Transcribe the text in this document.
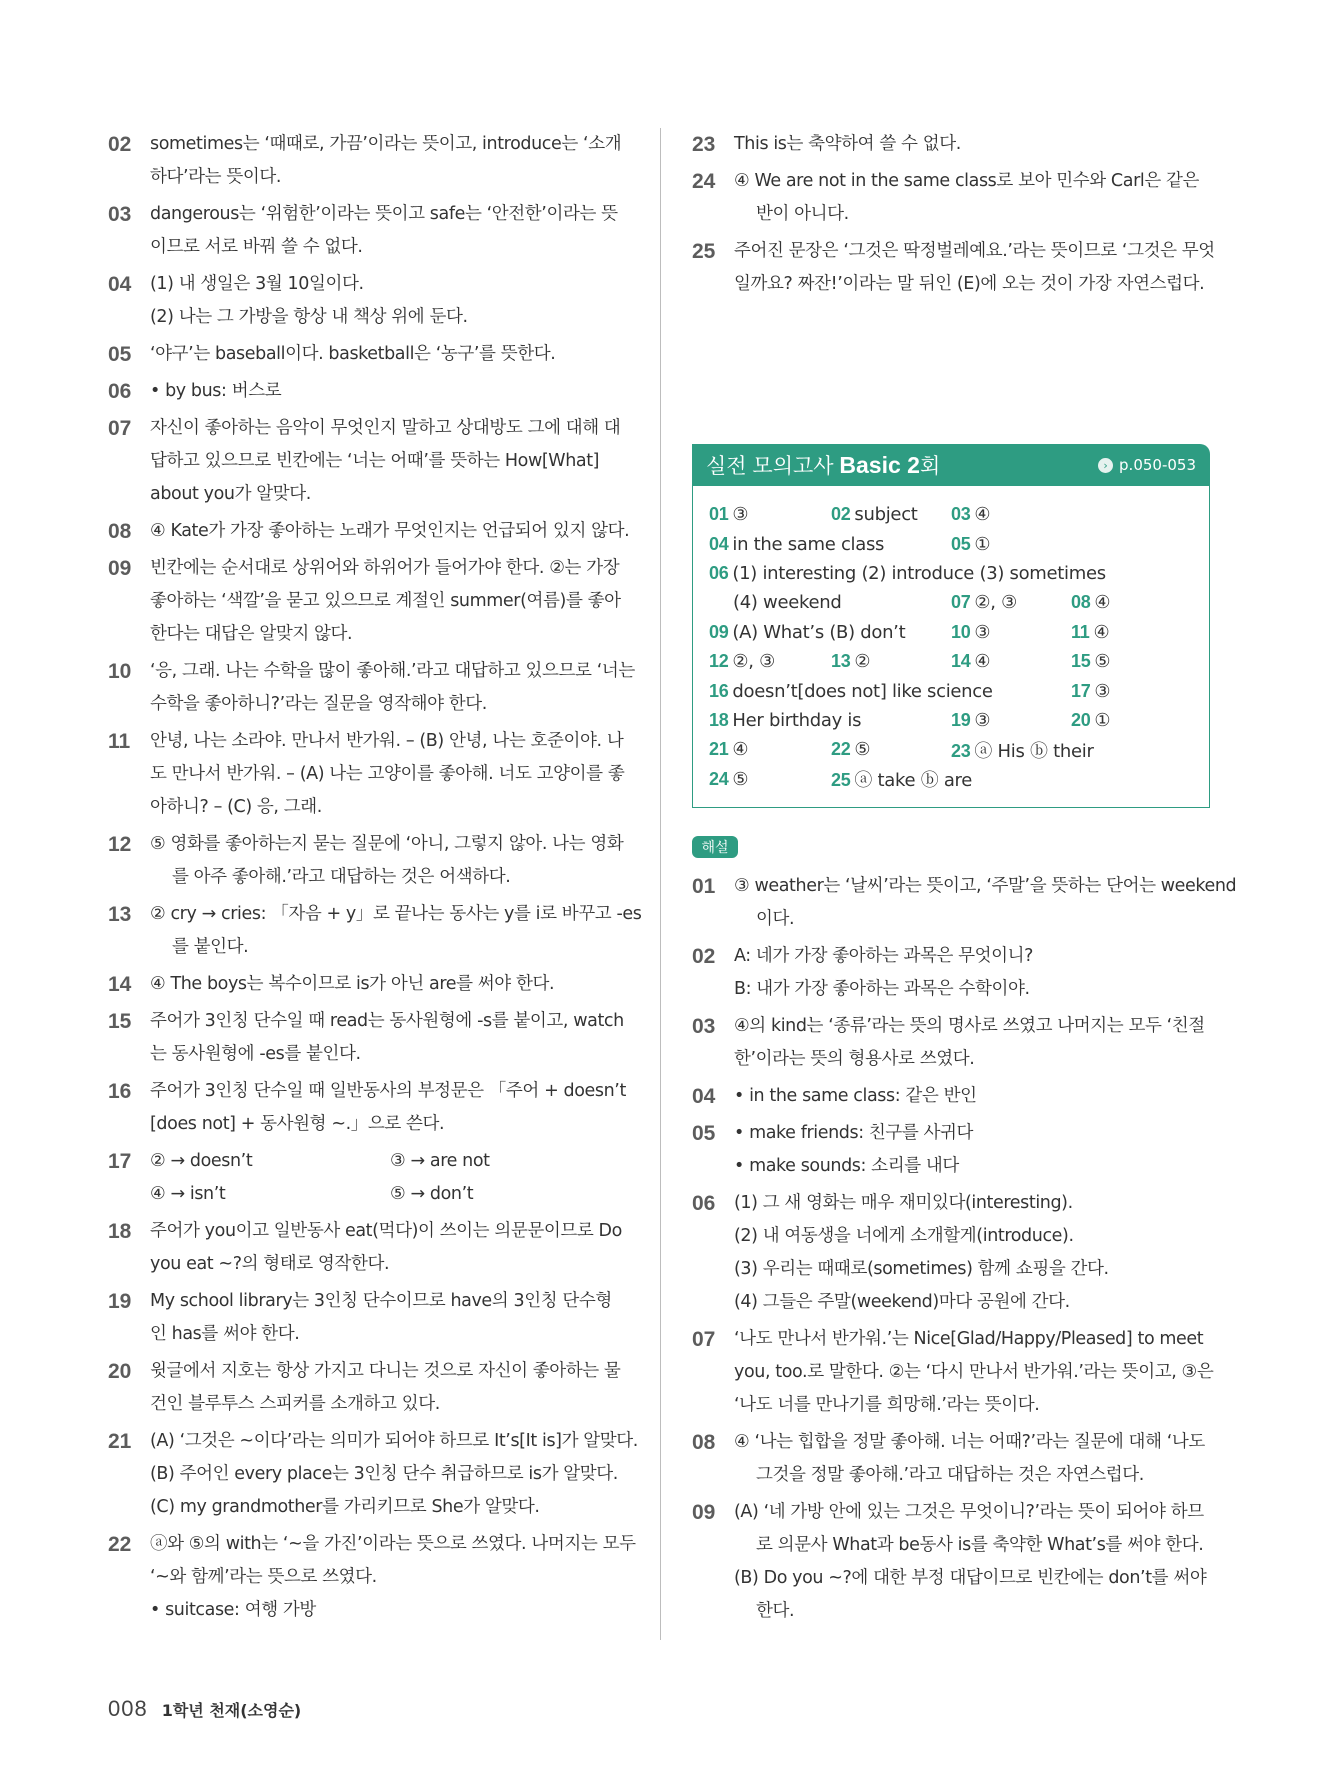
02	sometimes는 ‘때때로, 가끔’이라는 뜻이고, introduce는 ‘소개
하다’라는 뜻이다.
03	dangerous는 ‘위험한’이라는 뜻이고 safe는 ‘안전한’이라는 뜻
이므로 서로 바꿔 쓸 수 없다.
04	(1) 내 생일은 3월 10일이다.
(2) 나는 그 가방을 항상 내 책상 위에 둔다.
05	‘야구’는 baseball이다. basketball은 ‘농구’를 뜻한다.
06	• by bus: 버스로
07	자신이 좋아하는 음악이 무엇인지 말하고 상대방도 그에 대해 대
답하고 있으므로 빈칸에는 ‘너는 어때’를 뜻하는 How[What]
about you가 알맞다.
08	④ Kate가 가장 좋아하는 노래가 무엇인지는 언급되어 있지 않다.
09	빈칸에는 순서대로 상위어와 하위어가 들어가야 한다. ②는 가장
좋아하는 ‘색깔’을 묻고 있으므로 계절인 summer(여름)를 좋아
한다는 대답은 알맞지 않다.
10	‘응, 그래. 나는 수학을 많이 좋아해.’라고 대답하고 있으므로 ‘너는
수학을 좋아하니?’라는 질문을 영작해야 한다.
11	안녕, 나는 소라야. 만나서 반가워. – (B) 안녕, 나는 호준이야. 나
도 만나서 반가워. – (A) 나는 고양이를 좋아해. 너도 고양이를 좋
아하니? – (C) 응, 그래.
12	⑤ 영화를 좋아하는지 묻는 질문에 ‘아니, 그렇지 않아. 나는 영화
를 아주 좋아해.’라고 대답하는 것은 어색하다.
13	② cry → cries: 「자음 + y」로 끝나는 동사는 y를 i로 바꾸고 -es
를 붙인다.
14	④ The boys는 복수이므로 is가 아닌 are를 써야 한다.
15	주어가 3인칭 단수일 때 read는 동사원형에 -s를 붙이고, watch
는 동사원형에 -es를 붙인다.
16	주어가 3인칭 단수일 때 일반동사의 부정문은 「주어 + doesn’t
[does not] + 동사원형 ~.」으로 쓴다.
17	② → doesn’t	③ → are not
④ → isn’t	⑤ → don’t
18	주어가 you이고 일반동사 eat(먹다)이 쓰이는 의문문이므로 Do
you eat ~?의 형태로 영작한다.
19	My school library는 3인칭 단수이므로 have의 3인칭 단수형
인 has를 써야 한다.
20	윗글에서 지호는 항상 가지고 다니는 것으로 자신이 좋아하는 물
건인 블루투스 스피커를 소개하고 있다.
21	(A) ‘그것은 ~이다’라는 의미가 되어야 하므로 It’s[It is]가 알맞다.
(B) 주어인 every place는 3인칭 단수 취급하므로 is가 알맞다.
(C) my grandmother를 가리키므로 She가 알맞다.
22	ⓐ와 ⑤의 with는 ‘~을 가진’이라는 뜻으로 쓰였다. 나머지는 모두
‘~와 함께’라는 뜻으로 쓰였다.
• suitcase: 여행 가방
23	This is는 축약하여 쓸 수 없다.
24	④ We are not in the same class로 보아 민수와 Carl은 같은
반이 아니다.
25	주어진 문장은 ‘그것은 딱정벌레예요.’라는 뜻이므로 ‘그것은 무엇
일까요? 짜잔!’이라는 말 뒤인 (E)에 오는 것이 가장 자연스럽다.
실전 모의고사 Basic 2회	› p.050-053
01 ③	02 subject	03 ④
04 in the same class	05 ①
06 (1) interesting (2) introduce (3) sometimes
(4) weekend	07 ②, ③	08 ④
09 (A) What’s (B) don’t	10 ③	11 ④
12 ②, ③	13 ②	14 ④	15 ⑤
16 doesn’t[does not] like science	17 ③
18 Her birthday is	19 ③	20 ①
21 ④	22 ⑤	23 ⓐ His ⓑ their
24 ⑤	25 ⓐ take ⓑ are
해설
01	③ weather는 ‘날씨’라는 뜻이고, ‘주말’을 뜻하는 단어는 weekend
이다.
02	A: 네가 가장 좋아하는 과목은 무엇이니?
B: 내가 가장 좋아하는 과목은 수학이야.
03	④의 kind는 ‘종류’라는 뜻의 명사로 쓰였고 나머지는 모두 ‘친절
한’이라는 뜻의 형용사로 쓰였다.
04	• in the same class: 같은 반인
05	• make friends: 친구를 사귀다
• make sounds: 소리를 내다
06	(1) 그 새 영화는 매우 재미있다(interesting).
(2) 내 여동생을 너에게 소개할게(introduce).
(3) 우리는 때때로(sometimes) 함께 쇼핑을 간다.
(4) 그들은 주말(weekend)마다 공원에 간다.
07	‘나도 만나서 반가워.’는 Nice[Glad/Happy/Pleased] to meet
you, too.로 말한다. ②는 ‘다시 만나서 반가워.’라는 뜻이고, ③은
‘나도 너를 만나기를 희망해.’라는 뜻이다.
08	④ ‘나는 힙합을 정말 좋아해. 너는 어때?’라는 질문에 대해 ‘나도
그것을 정말 좋아해.’라고 대답하는 것은 자연스럽다.
09	(A) ‘네 가방 안에 있는 그것은 무엇이니?’라는 뜻이 되어야 하므
로 의문사 What과 be동사 is를 축약한 What’s를 써야 한다.
(B) Do you ~?에 대한 부정 대답이므로 빈칸에는 don’t를 써야
한다.
008 1학년 천재(소영순)
